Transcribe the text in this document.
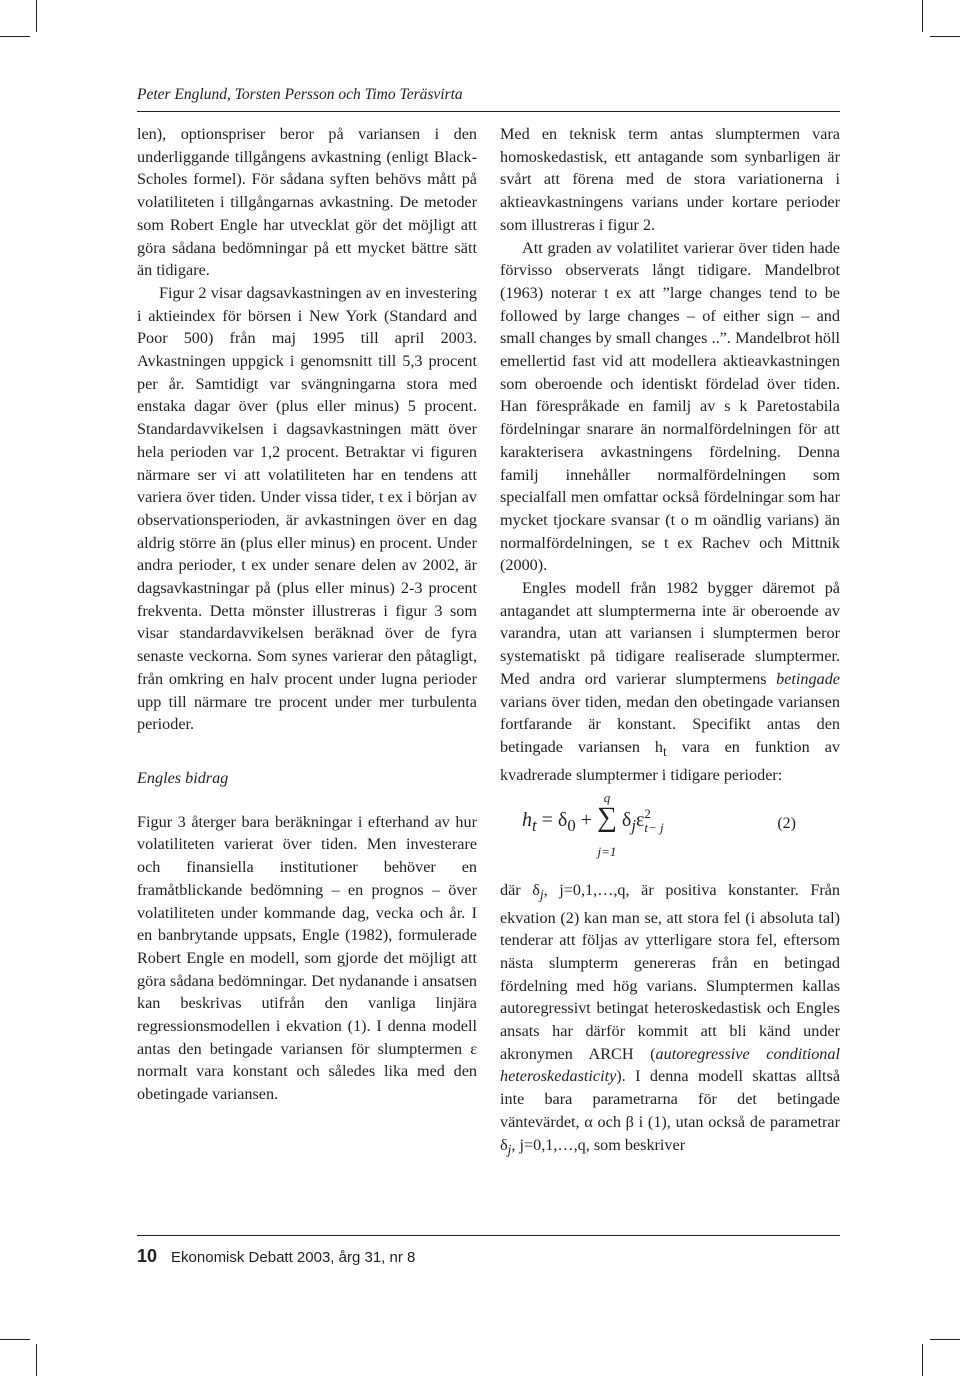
Peter Englund, Torsten Persson och Timo Teräsvirta

len), optionspriser beror på variansen i den underliggande tillgångens avkastning (enligt Black-Scholes formel). För sådana syften behövs mått på volatiliteten i tillgångarnas avkastning. De metoder som Robert Engle har utvecklat gör det möjligt att göra sådana bedömningar på ett mycket bättre sätt än tidigare.

Figur 2 visar dagsavkastningen av en investering i aktieindex för börsen i New York (Standard and Poor 500) från maj 1995 till april 2003. Avkastningen uppgick i genomsnitt till 5,3 procent per år. Samtidigt var svängningarna stora med enstaka dagar över (plus eller minus) 5 procent. Standardavvikelsen i dagsavkastningen mätt över hela perioden var 1,2 procent. Betraktar vi figuren närmare ser vi att volatiliteten har en tendens att variera över tiden. Under vissa tider, t ex i början av observationsperioden, är avkastningen över en dag aldrig större än (plus eller minus) en procent. Under andra perioder, t ex under senare delen av 2002, är dagsavkastningar på (plus eller minus) 2-3 procent frekventa. Detta mönster illustreras i figur 3 som visar standardavvikelsen beräknad över de fyra senaste veckorna. Som synes varierar den påtagligt, från omkring en halv procent under lugna perioder upp till närmare tre procent under mer turbulenta perioder.

Engles bidrag

Figur 3 återger bara beräkningar i efterhand av hur volatiliteten varierat över tiden. Men investerare och finansiella institutioner behöver en framåtblickande bedömning – en prognos – över volatiliteten under kommande dag, vecka och år. I en banbrytande uppsats, Engle (1982), formulerade Robert Engle en modell, som gjorde det möjligt att göra sådana bedömningar. Det nydanande i ansatsen kan beskrivas utifrån den vanliga linjära regressionsmodellen i ekvation (1). I denna modell antas den betingade variansen för slumptermen ε normalt vara konstant och således lika med den obetingade variansen.

Med en teknisk term antas slumptermen vara homoskedastisk, ett antagande som synbarligen är svårt att förena med de stora variationerna i aktieavkastningens varians under kortare perioder som illustreras i figur 2.

Att graden av volatilitet varierar över tiden hade förvisso observerats långt tidigare. Mandelbrot (1963) noterar t ex att ”large changes tend to be followed by large changes – of either sign – and small changes by small changes ..”. Mandelbrot höll emellertid fast vid att modellera aktieavkastningen som oberoende och identiskt fördelad över tiden. Han förespråkade en familj av s k Paretostabila fördelningar snarare än normalfördelningen för att karakterisera avkastningens fördelning. Denna familj innehåller normalfördelningen som specialfall men omfattar också fördelningar som har mycket tjockare svansar (t o m oändlig varians) än normalfördelningen, se t ex Rachev och Mittnik (2000).

Engles modell från 1982 bygger däremot på antagandet att slumptermerna inte är oberoende av varandra, utan att variansen i slumptermen beror systematiskt på tidigare realiserade slumptermer. Med andra ord varierar slumptermens betingade varians över tiden, medan den obetingade variansen fortfarande är konstant. Specifikt antas den betingade variansen $h_t$ vara en funktion av kvadrerade slumptermer i tidigare perioder:

$h_t = \delta_0$ +
q
∑
j=1
$\delta_j\varepsilon$ 2
t− j	(2)

där $\delta_j$, j=0,1,…,q, är positiva konstanter. Från ekvation (2) kan man se, att stora fel (i absoluta tal) tenderar att följas av ytterligare stora fel, eftersom nästa slumpterm genereras från en betingad fördelning med hög varians. Slumptermen kallas autoregressivt betingat heteroskedastisk och Engles ansats har därför kommit att bli känd under akronymen ARCH (autoregressive conditional heteroskedasticity). I denna modell skattas alltså inte bara parametrarna för det betingade väntevärdet, α och β i (1), utan också de parametrar $\delta_j$, j=0,1,…,q, som beskriver

10 Ekonomisk Debatt 2003, årg 31, nr 8
